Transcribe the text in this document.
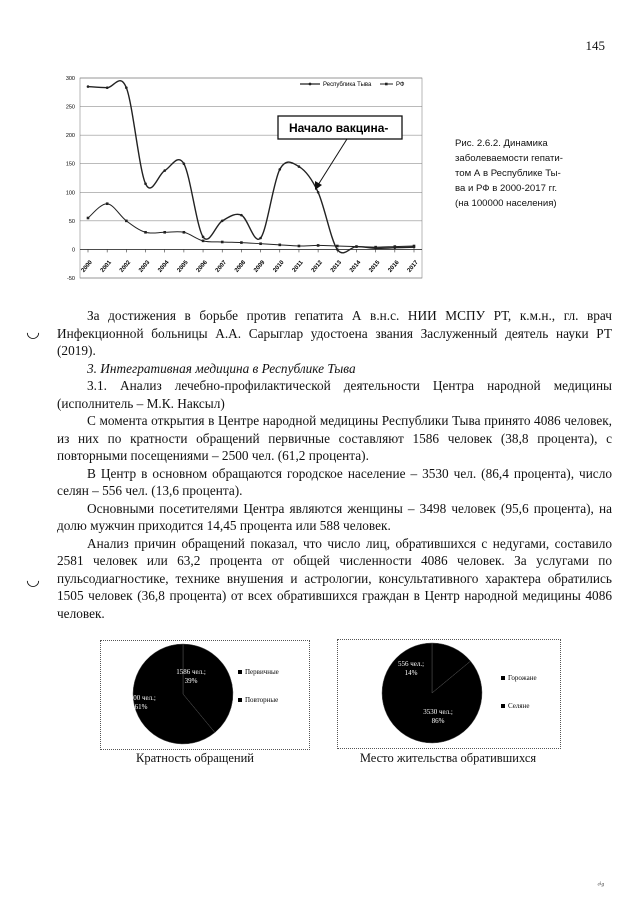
145
300
250
200
150
100
50
0
-50
2000 2001 2002 2003 2004 2005 2006 2007 2008 2009 2010 2011 2012 2013 2014 2015 2016 2017
Республика Тыва	РФ
Начало вакцина-
Рис. 2.6.2. Динамика
заболеваемости гепати-
том А в Республике Ты-
ва и РФ в 2000-2017 гг.
(на 100000 населения)
◡
◡

За достижения в борьбе против гепатита А в.н.с. НИИ МСПУ РТ, к.м.н., гл. врач Инфекционной больницы А.А. Сарыглар удостоена звания Заслуженный деятель науки РТ (2019).

3. Интегративная медицина в Республике Тыва

3.1. Анализ лечебно-профилактической деятельности Центра народной медицины (исполнитель – М.К. Наксыл)

С момента открытия в Центре народной медицины Республики Тыва принято 4086 человек, из них по кратности обращений первичные составляют 1586 человек (38,8 процента), с повторными посещениями – 2500 чел. (61,2 процента).

В Центр в основном обращаются городское население – 3530 чел. (86,4 процента), число селян – 556 чел. (13,6 процента).

Основными посетителями Центра являются женщины – 3498 человек (95,6 процента), на долю мужчин приходится 14,45 процента или 588 человек.

Анализ причин обращений показал, что число лиц, обратившихся с недугами, составило 2581 человек или 63,2 процента от общей численности 4086 человек. За услугами по пульсодиагностике, технике внушения и астрологии, консультативного характера обратились 1505 человек (36,8 процента) от всех обратившихся граждан в Центр народной медицины 4086 человек.

1586 чел.;
39%
Первичные
2500 чел.;
61%
Повторные
Кратность обращений
556 чел.;
14%
Горожане
3530 чел.;
86%
Селяне
Место жительства обратившихся
ᶜⁱᵍ
